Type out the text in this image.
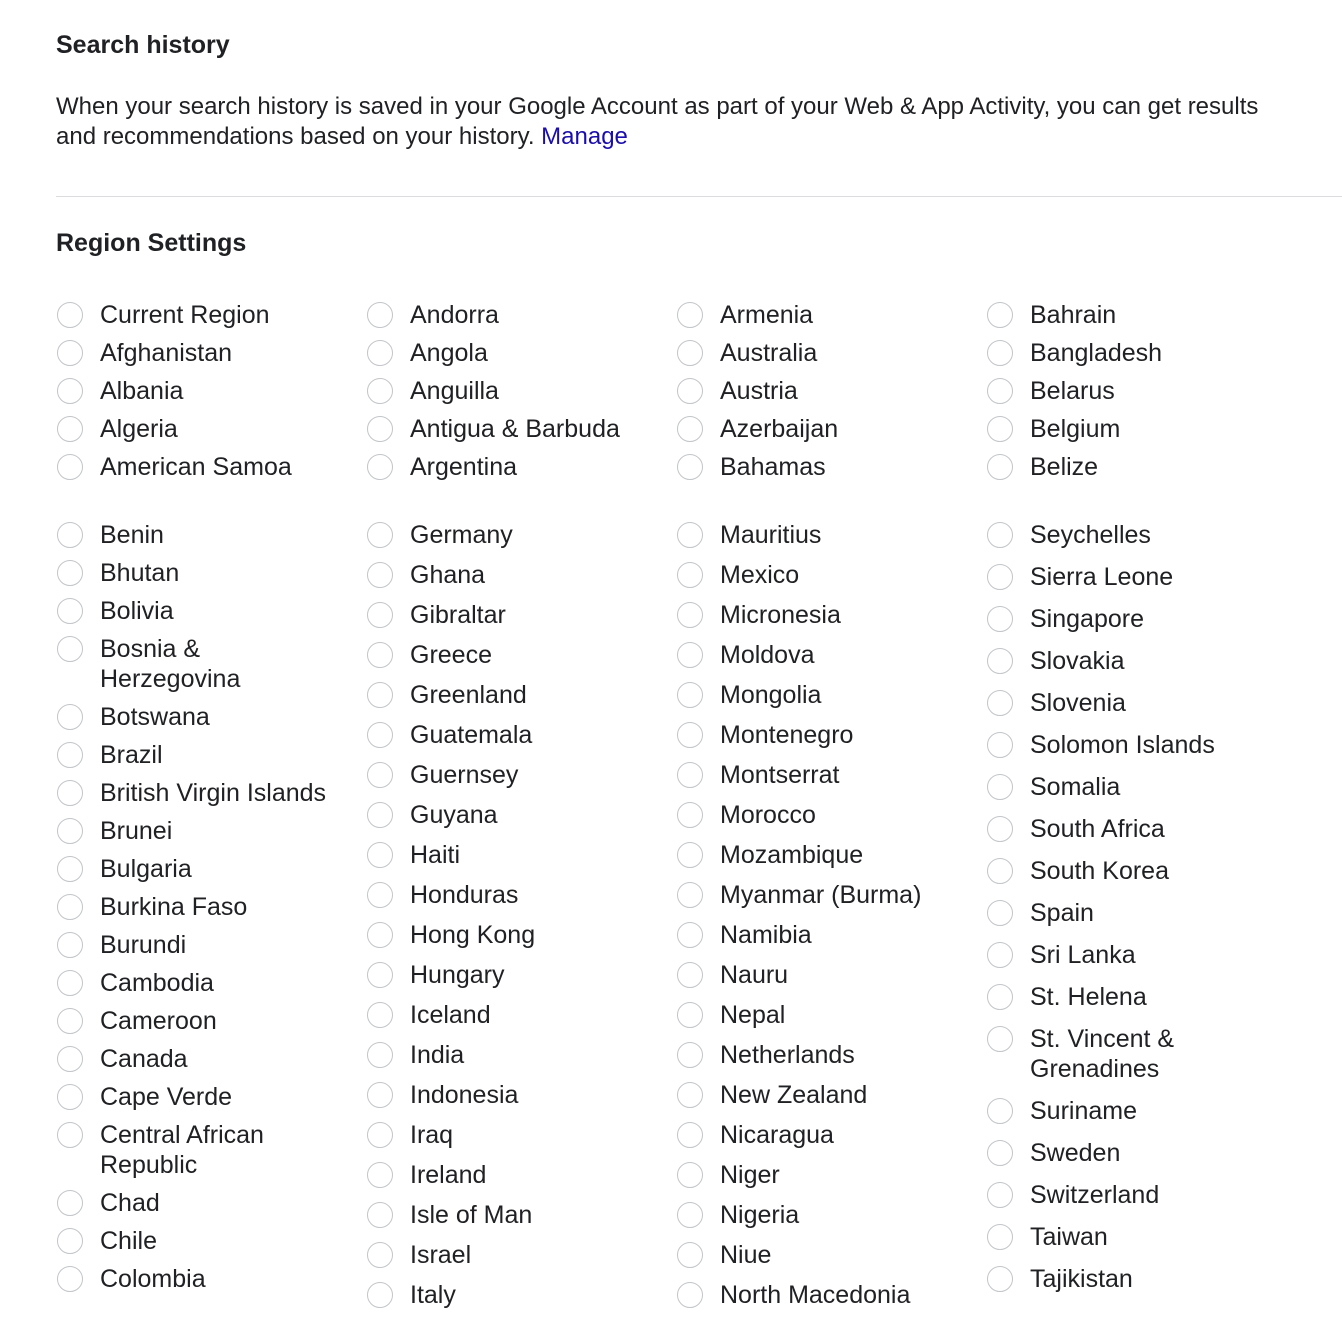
Search history

When your search history is saved in your Google Account as part of your Web & App Activity, you can get results and recommendations based on your history. Manage

Region Settings
Current Region
Afghanistan
Albania
Algeria
American Samoa
Andorra
Angola
Anguilla
Antigua & Barbuda
Argentina
Armenia
Australia
Austria
Azerbaijan
Bahamas
Bahrain
Bangladesh
Belarus
Belgium
Belize
Benin
Bhutan
Bolivia
Bosnia & Herzegovina
Botswana
Brazil
British Virgin Islands
Brunei
Bulgaria
Burkina Faso
Burundi
Cambodia
Cameroon
Canada
Cape Verde
Central African Republic
Chad
Chile
Colombia
Germany
Ghana
Gibraltar
Greece
Greenland
Guatemala
Guernsey
Guyana
Haiti
Honduras
Hong Kong
Hungary
Iceland
India
Indonesia
Iraq
Ireland
Isle of Man
Israel
Italy
Mauritius
Mexico
Micronesia
Moldova
Mongolia
Montenegro
Montserrat
Morocco
Mozambique
Myanmar (Burma)
Namibia
Nauru
Nepal
Netherlands
New Zealand
Nicaragua
Niger
Nigeria
Niue
North Macedonia
Seychelles
Sierra Leone
Singapore
Slovakia
Slovenia
Solomon Islands
Somalia
South Africa
South Korea
Spain
Sri Lanka
St. Helena
St. Vincent & Grenadines
Suriname
Sweden
Switzerland
Taiwan
Tajikistan
